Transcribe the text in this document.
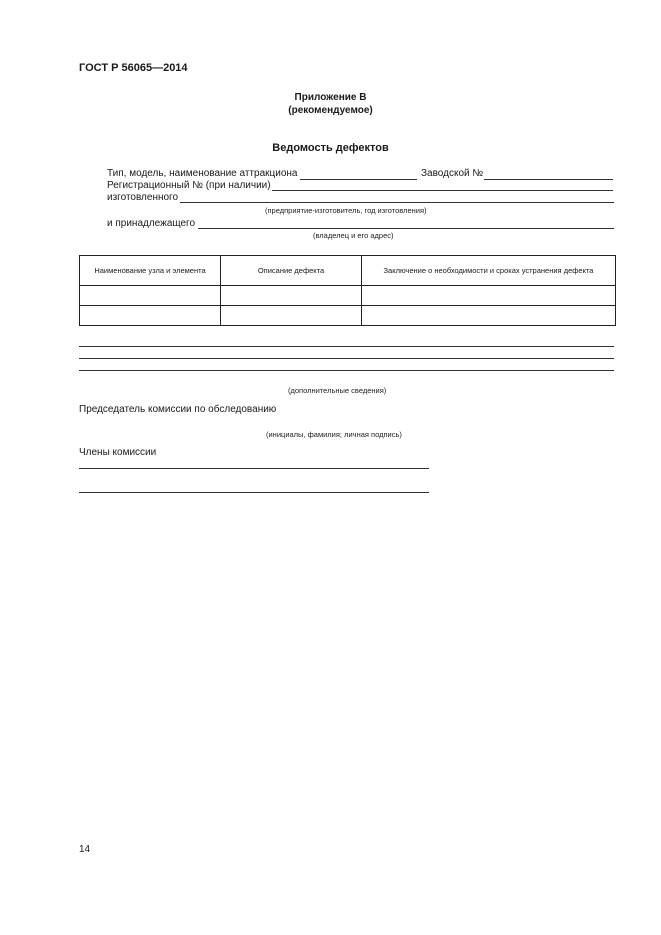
ГОСТ Р 56065—2014
Приложение В
(рекомендуемое)
Ведомость дефектов
Тип, модель, наименование аттракциона	Заводской №
Регистрационный № (при наличии)
изготовленного
(предприятие-изготовитель, год изготовления)
и принадлежащего
(владелец и его адрес)
Наименование узла и элемента	Описание дефекта	Заключение о необходимости и сроках устранения дефекта

(дополнительные сведения)
Председатель комиссии по обследованию
(инициалы, фамилия; личная подпись)
Члены комиссии
14
